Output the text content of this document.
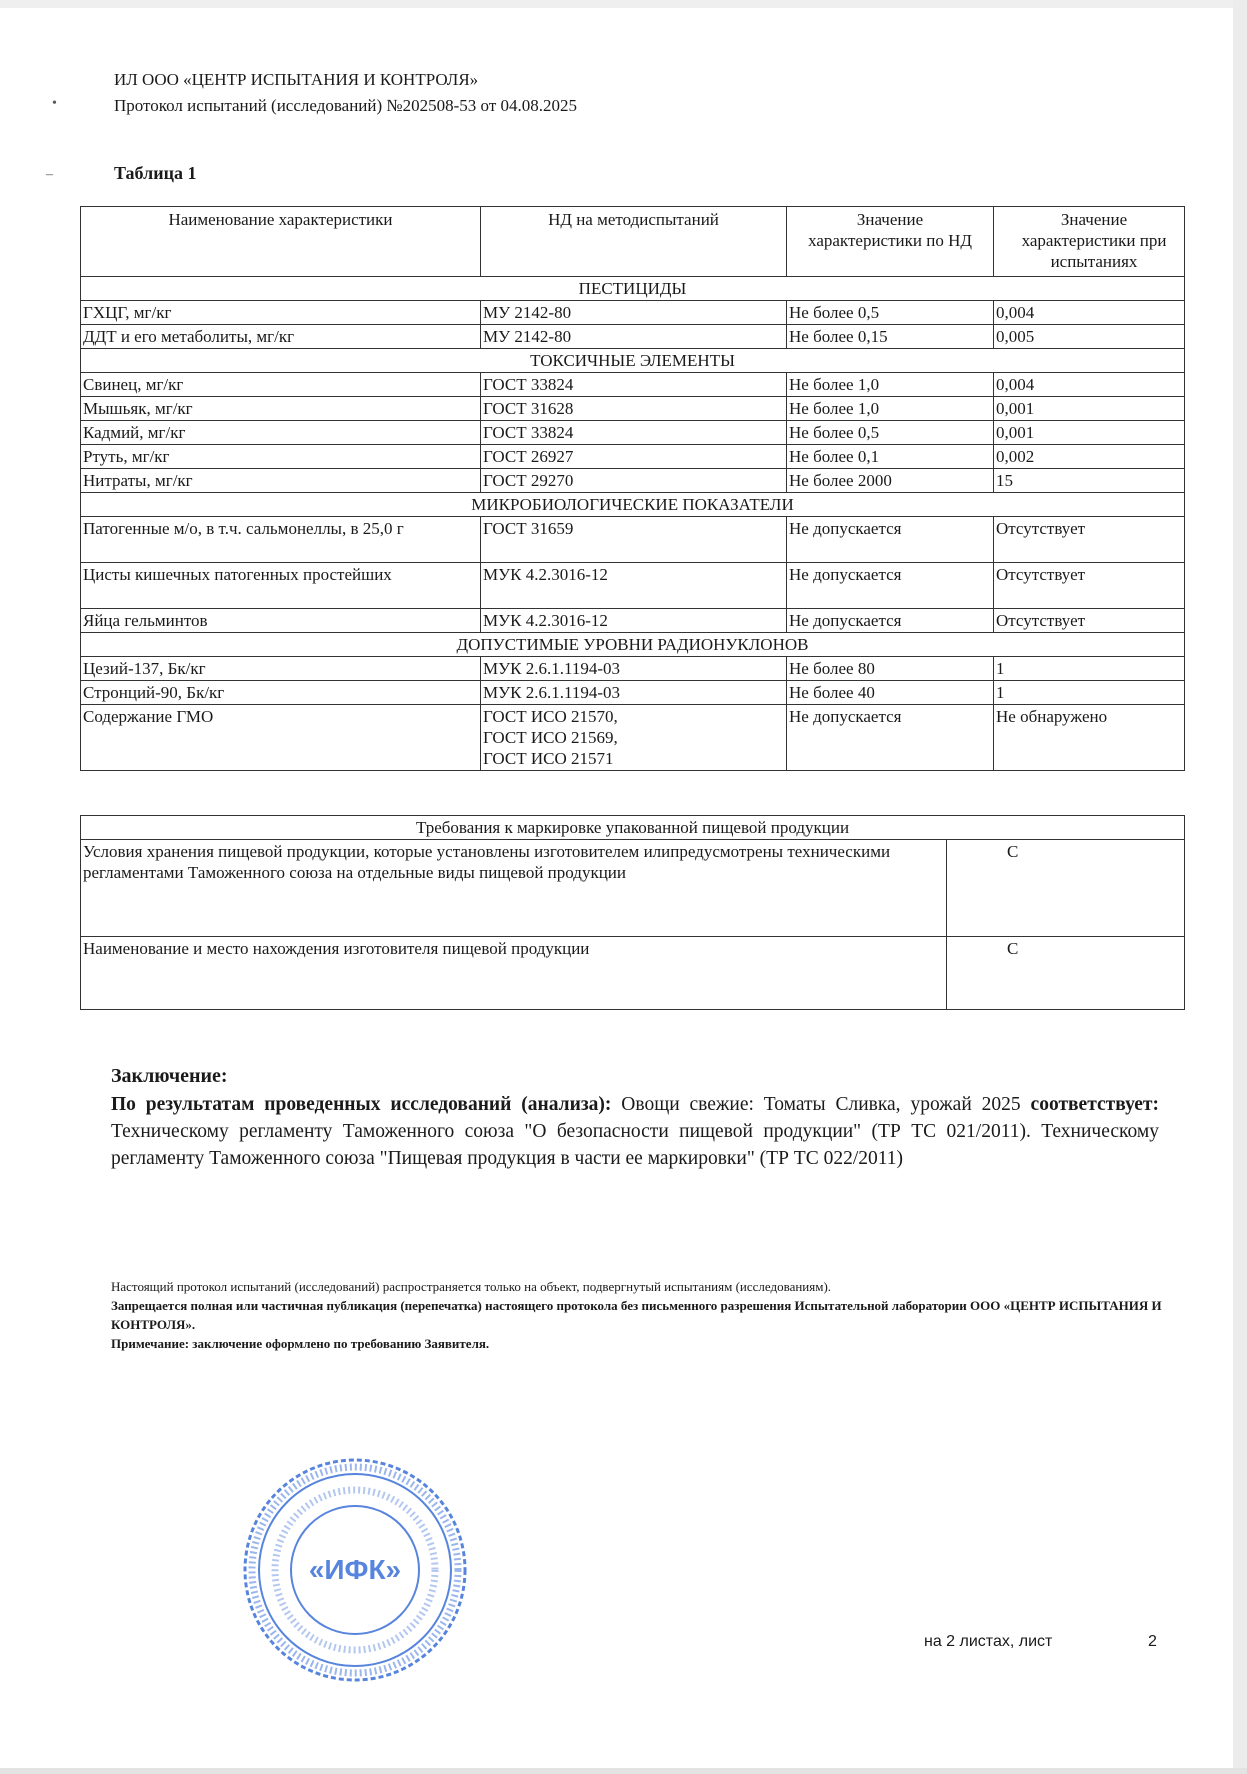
•
–
ИЛ ООО «ЦЕНТР ИСПЫТАНИЯ И КОНТРОЛЯ»
Протокол испытаний (исследований) №202508-53 от 04.08.2025
Таблица 1
Наименование характеристики	НД на методиспытаний	Значение характеристики по НД	Значение характеристики при испытаниях
ПЕСТИЦИДЫ			
ГХЦГ, мг/кг	МУ 2142-80	Не более 0,5	0,004
ДДТ и его метаболиты, мг/кг	МУ 2142-80	Не более 0,15	0,005
ТОКСИЧНЫЕ ЭЛЕМЕНТЫ			
Свинец, мг/кг	ГОСТ 33824	Не более 1,0	0,004
Мышьяк, мг/кг	ГОСТ 31628	Не более 1,0	0,001
Кадмий, мг/кг	ГОСТ 33824	Не более 0,5	0,001
Ртуть, мг/кг	ГОСТ 26927	Не более 0,1	0,002
Нитраты, мг/кг	ГОСТ 29270	Не более 2000	15
МИКРОБИОЛОГИЧЕСКИЕ ПОКАЗАТЕЛИ			
Патогенные м/о, в т.ч. сальмонеллы, в 25,0 г	ГОСТ 31659	Не допускается	Отсутствует
Цисты кишечных патогенных простейших	МУК 4.2.3016-12	Не допускается	Отсутствует
Яйца гельминтов	МУК 4.2.3016-12	Не допускается	Отсутствует
ДОПУСТИМЫЕ УРОВНИ РАДИОНУКЛОНОВ			
Цезий-137, Бк/кг	МУК 2.6.1.1194-03	Не более 80	1
Стронций-90, Бк/кг	МУК 2.6.1.1194-03	Не более 40	1
Содержание ГМО	ГОСТ ИСО 21570,
ГОСТ ИСО 21569,
ГОСТ ИСО 21571	Не допускается	Не обнаружено
Требования к маркировке упакованной пищевой продукции	
Условия хранения пищевой продукции, которые установлены изготовителем илипредусмотрены техническими регламентами Таможенного союза на отдельные виды пищевой продукции	С
Наименование и место нахождения изготовителя пищевой продукции	С
Заключение:
По результатам проведенных исследований (анализа): Овощи свежие: Томаты Сливка, урожай 2025 соответствует: Техническому регламенту Таможенного союза "О безопасности пищевой продукции" (ТР ТС 021/2011). Техническому регламенту Таможенного союза "Пищевая продукция в части ее маркировки" (ТР ТС 022/2011)
Настоящий протокол испытаний (исследований) распространяется только на объект, подвергнутый испытаниям (исследованиям).
Запрещается полная или частичная публикация (перепечатка) настоящего протокола без письменного разрешения Испытательной лаборатории ООО «ЦЕНТР ИСПЫТАНИЯ И КОНТРОЛЯ».
Примечание: заключение оформлено по требованию Заявителя.
«ИФК»
на 2 листах, лист	2
